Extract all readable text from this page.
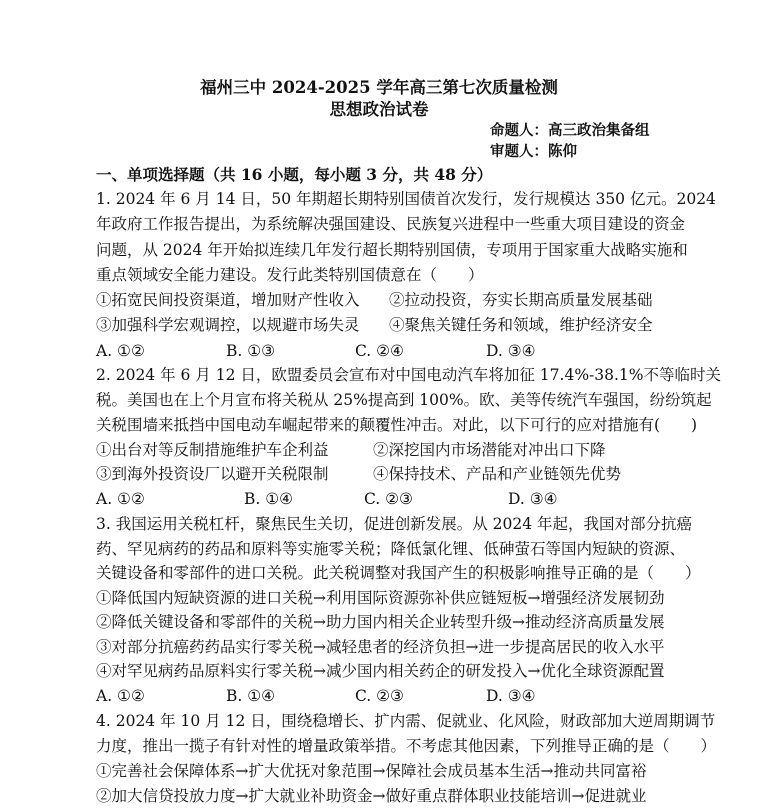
福州三中 2024-2025 学年高三第七次质量检测
思想政治试卷
命题人：高三政治集备组
审题人：陈仰
一、单项选择题（共 16 小题，每小题 3 分，共 48 分）
1. 2024 年 6 月 14 日，50 年期超长期特别国债首次发行，发行规模达 350 亿元。2024
年政府工作报告提出，为系统解决强国建设、民族复兴进程中一些重大项目建设的资金
问题，从 2024 年开始拟连续几年发行超长期特别国债，专项用于国家重大战略实施和
重点领域安全能力建设。发行此类特别国债意在（　　）
①拓宽民间投资渠道，增加财产性收入 ②拉动投资，夯实长期高质量发展基础
③加强科学宏观调控，以规避市场失灵 ④聚焦关键任务和领域，维护经济安全
A. ①②	B. ①③	C. ②④	D. ③④
2. 2024 年 6 月 12 日，欧盟委员会宣布对中国电动汽车将加征 17.4%-38.1%不等临时关
税。美国也在上个月宣布将关税从 25%提高到 100%。欧、美等传统汽车强国，纷纷筑起
关税围墙来抵挡中国电动车崛起带来的颠覆性冲击。对此，以下可行的应对措施有(　　)
①出台对等反制措施维护车企利益	②深挖国内市场潜能对冲出口下降
③到海外投资设厂以避开关税限制	④保持技术、产品和产业链领先优势
A. ①②	B. ①④	C. ②③	D. ③④
3. 我国运用关税杠杆，聚焦民生关切，促进创新发展。从 2024 年起，我国对部分抗癌
药、罕见病药的药品和原料等实施零关税；降低氯化锂、低砷萤石等国内短缺的资源、
关键设备和零部件的进口关税。此关税调整对我国产生的积极影响推导正确的是（　　）
①降低国内短缺资源的进口关税→利用国际资源弥补供应链短板→增强经济发展韧劲
②降低关键设备和零部件的关税→助力国内相关企业转型升级→推动经济高质量发展
③对部分抗癌药药品实行零关税→减轻患者的经济负担→进一步提高居民的收入水平
④对罕见病药品原料实行零关税→减少国内相关药企的研发投入→优化全球资源配置
A. ①②	B. ①④	C. ②③	D. ③④
4. 2024 年 10 月 12 日，围绕稳增长、扩内需、促就业、化风险，财政部加大逆周期调节
力度，推出一揽子有针对性的增量政策举措。不考虑其他因素，下列推导正确的是（　　）
①完善社会保障体系→扩大优抚对象范围→保障社会成员基本生活→推动共同富裕
②加大信贷投放力度→扩大就业补助资金→做好重点群体职业技能培训→促进就业
